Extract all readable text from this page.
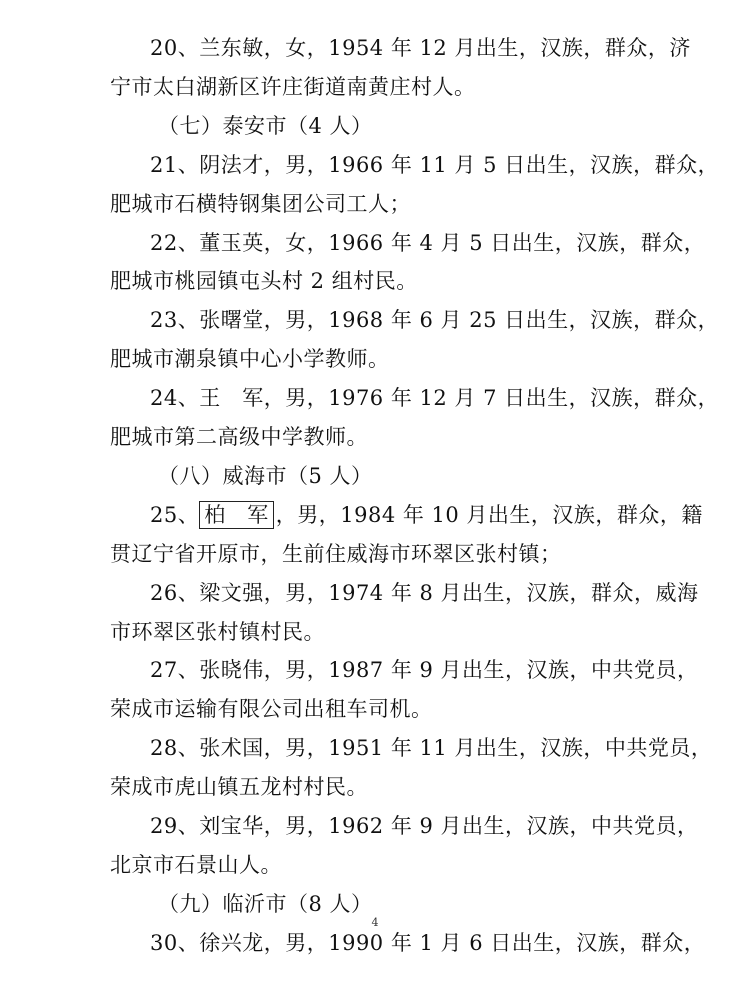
20、兰东敏，女，1954 年 12 月出生，汉族，群众，济
宁市太白湖新区许庄街道南黄庄村人。
（七）泰安市（4 人）
21、阴法才，男，1966 年 11 月 5 日出生，汉族，群众，
肥城市石横特钢集团公司工人；
22、董玉英，女，1966 年 4 月 5 日出生，汉族，群众，
肥城市桃园镇屯头村 2 组村民。
23、张曙堂，男，1968 年 6 月 25 日出生，汉族，群众，
肥城市潮泉镇中心小学教师。
24、王　军，男，1976 年 12 月 7 日出生，汉族，群众，
肥城市第二高级中学教师。
（八）威海市（5 人）
25、 柏　军 ，男，1984 年 10 月出生，汉族，群众，籍
贯辽宁省开原市，生前住威海市环翠区张村镇；
26、梁文强，男，1974 年 8 月出生，汉族，群众，威海
市环翠区张村镇村民。
27、张晓伟，男，1987 年 9 月出生，汉族，中共党员，
荣成市运输有限公司出租车司机。
28、张术国，男，1951 年 11 月出生，汉族，中共党员，
荣成市虎山镇五龙村村民。
29、刘宝华，男，1962 年 9 月出生，汉族，中共党员，
北京市石景山人。
4
（九）临沂市（8 人）
30、徐兴龙，男，1990 年 1 月 6 日出生，汉族，群众，
